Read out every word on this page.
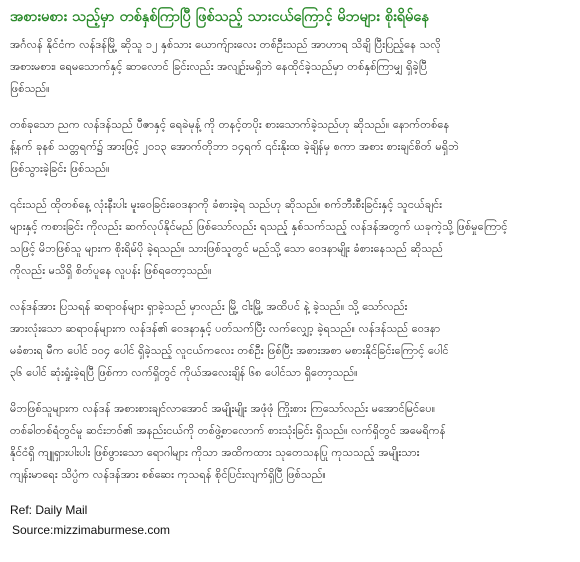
အစားမစား သည့်မှာ တစ်နှစ်ကြာပြီ ဖြစ်သည့် သားငယ်ကြောင့် မိဘများ စိုးရိမ်နေ
အင်္ဂလန် နိုင်ငံက လန်ဒန်မြို့ ဆိုသူ ၁၂ နှစ်သား ယောက်ျားလေး တစ်ဦးသည် အာဟာရ သိချိ ပြီးပြည့်နေ သလို
အစားမစား၊ ရေမသောက်နှင့် ဆာလောင် ခြင်းလည်း အလျဉ်းမရှိဘဲ နေထိုင်ခဲ့သည်မှာ တစ်နှစ်ကြာမျှ ရှိခဲ့ပြီ
ဖြစ်သည်။
တစ်ခုသော ညက လန်ဒန်သည် ပီဇာနှင့် ရေခဲမုန့် ကို တနင့်တပိုး စားသောက်ခဲ့သည်ဟု ဆိုသည်။ နောက်တစ်နေ
န့်နက် ခုနစ် သတ္တရက်၌ အားဖြင့် ၂၀၁၃ အောက်တိုဘာ ၁၄ရက် ၎င်းနိုးထ ခဲ့ချိန်မှ စကာ အစား စားချင်စိတ် မရှိဘဲ
ဖြစ်သွားခဲ့ခြင်း ဖြစ်သည်။
၎င်းသည် ထိုတစ်နေ့ လုံးနီးပါး မူးဝေခြင်းဝေဒနာကို ခံစားခဲ့ရ သည်ဟု ဆိုသည်။ စက်ဘီးစီးခြင်းနှင့် သူငယ်ချင်း
များနှင့် ကစားခြင်း ကိုလည်း ဆက်လုပ်နိုင်မည် ဖြစ်သော်လည်း ရသည့် နှစ်သက်သည့် လန်ဒန်အတွက် ယခုကဲ့သို့ ဖြစ်မှုကြောင့်
သဖြင့် မိဘဖြစ်သူ များက စိုးရိမ်ပို ခဲ့ရသည်။ သားဖြစ်သူတွင် မည်သို့ သော ဝေဒနာမျိုး ခံစားနေသည် ဆိုသည်
ကိုလည်း မသိရှိ စိတ်ပူနေ လူပန်း ဖြစ်ရတော့သည်။
လန်ဒန်အား ပြသရန် ဆရာဝန်များ ရှာခဲ့သည် မှာလည်း မြို့ ငါးမြို့ အထိပင် နဲ့ ခဲ့သည်။ သို့ သော်လည်း
အားလုံးသော ဆရာဝန်များက လန်ဒန်၏ ဝေဒနာနှင့် ပတ်သက်ပြီး လက်လျှော့ ခဲ့ရသည်။ လန်ဒန်သည် ဝေဒနာ
မခံစားရ မီက ပေါင် ၁၀၄ ပေါင် ရှိခဲ့သည့် လူငယ်ကလေး တစ်ဦး ဖြစ်ပြီး အစားအစာ မစားနိုင်ခြင်းကြောင့် ပေါင်
၃၆ ပေါင် ဆုံးရှုံးခဲ့ရပြီ ဖြစ်ကာ လက်ရှိတွင် ကိုယ်အလေးချိန် ၆၈ ပေါင်သာ ရှိတော့သည်။
မိဘဖြစ်သူများက လန်ဒန် အစားစားချင်လာအောင် အမျိုးမျိုး အဖုံဖုံ ကြိုးစား ကြသော်လည်း မအောင်မြင်ပေ။
တစ်ခါတစ်ရံတွင်မူ ဆင်းဘဝ်၏ အနည်းငယ်ကို တစ်ဖွဲ့စာလောက် စားသုံးခြင်း ရှိသည်။ လက်ရှိတွင် အမေရိကန်
နိုင်ငံရှိ ကျူရှားပါးပါး ဖြစ်ဖွားသော ရောဂါများ ကိုသာ အထိကထား သုတေသနပြု ကုသသည့် အမျိုးသား
ကျန်းမာရေး သိပ္ပံက လန်ဒန်အား စစ်ဆေး ကုသရန် စိုင်ပြင်းလျက်ရှိပြီ ဖြစ်သည်။
Ref: Daily Mail
Source:mizzimaburmese.com
